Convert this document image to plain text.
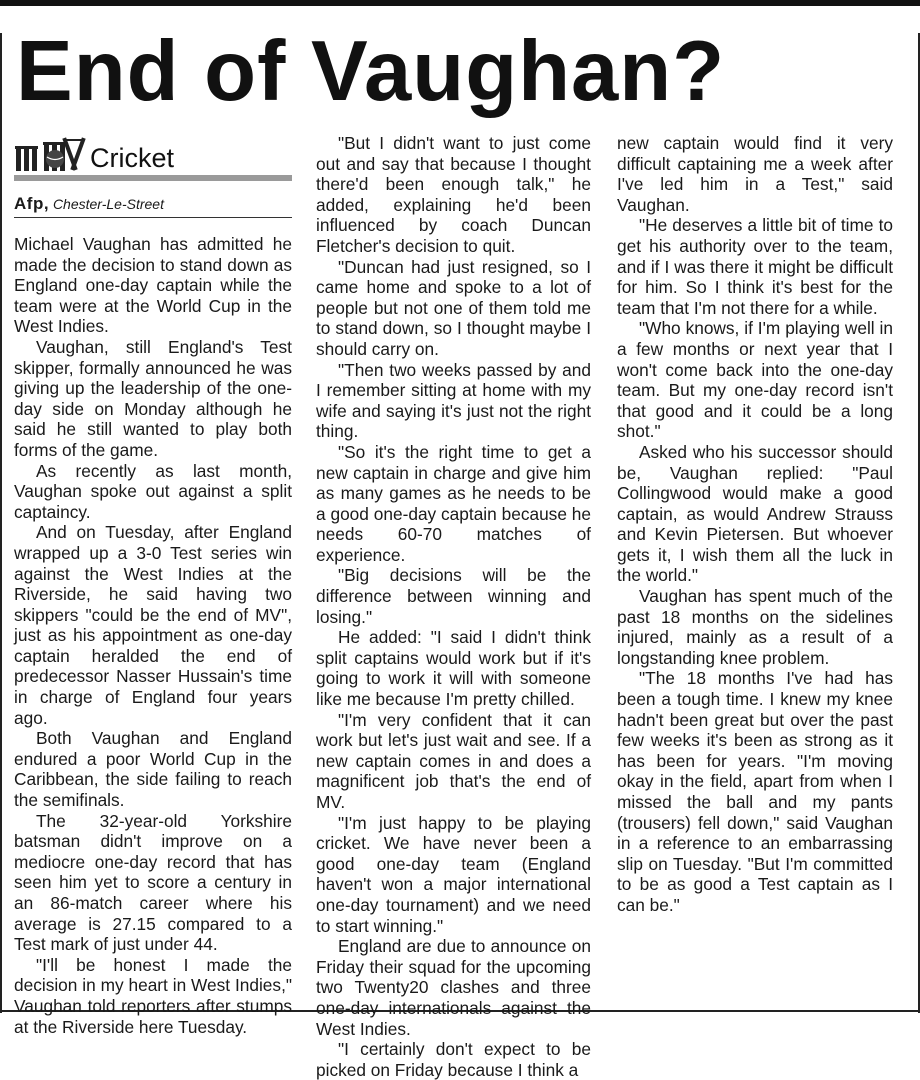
End of Vaughan?
Cricket
Afp, Chester-Le-Street

Michael Vaughan has admitted he made the decision to stand down as England one-day captain while the team were at the World Cup in the West Indies.

Vaughan, still England's Test skipper, formally announced he was giving up the leadership of the one-day side on Monday although he said he still wanted to play both forms of the game.

As recently as last month, Vaughan spoke out against a split captaincy.

And on Tuesday, after England wrapped up a 3-0 Test series win against the West Indies at the Riverside, he said having two skippers "could be the end of MV", just as his appointment as one-day captain heralded the end of predecessor Nasser Hussain's time in charge of England four years ago.

Both Vaughan and England endured a poor World Cup in the Caribbean, the side failing to reach the semifinals.

The 32-year-old Yorkshire batsman didn't improve on a mediocre one-day record that has seen him yet to score a century in an 86-match career where his average is 27.15 compared to a Test mark of just under 44.

"I'll be honest I made the decision in my heart in West Indies," Vaughan told reporters after stumps at the Riverside here Tuesday.

"But I didn't want to just come out and say that because I thought there'd been enough talk," he added, explaining he'd been influenced by coach Duncan Fletcher's decision to quit.

"Duncan had just resigned, so I came home and spoke to a lot of people but not one of them told me to stand down, so I thought maybe I should carry on.

"Then two weeks passed by and I remember sitting at home with my wife and saying it's just not the right thing.

"So it's the right time to get a new captain in charge and give him as many games as he needs to be a good one-day captain because he needs 60-70 matches of experience.

"Big decisions will be the difference between winning and losing."

He added: "I said I didn't think split captains would work but if it's going to work it will with someone like me because I'm pretty chilled.

"I'm very confident that it can work but let's just wait and see. If a new captain comes in and does a magnificent job that's the end of MV.

"I'm just happy to be playing cricket. We have never been a good one-day team (England haven't won a major international one-day tournament) and we need to start winning."

England are due to announce on Friday their squad for the upcoming two Twenty20 clashes and three one-day internationals against the West Indies.

"I certainly don't expect to be picked on Friday because I think a

new captain would find it very difficult captaining me a week after I've led him in a Test," said Vaughan.

"He deserves a little bit of time to get his authority over to the team, and if I was there it might be difficult for him. So I think it's best for the team that I'm not there for a while.

"Who knows, if I'm playing well in a few months or next year that I won't come back into the one-day team. But my one-day record isn't that good and it could be a long shot."

Asked who his successor should be, Vaughan replied: "Paul Collingwood would make a good captain, as would Andrew Strauss and Kevin Pietersen. But whoever gets it, I wish them all the luck in the world."

Vaughan has spent much of the past 18 months on the sidelines injured, mainly as a result of a longstanding knee problem.

"The 18 months I've had has been a tough time. I knew my knee hadn't been great but over the past few weeks it's been as strong as it has been for years. "I'm moving okay in the field, apart from when I missed the ball and my pants (trousers) fell down," said Vaughan in a reference to an embarrassing slip on Tuesday. "But I'm committed to be as good a Test captain as I can be."
